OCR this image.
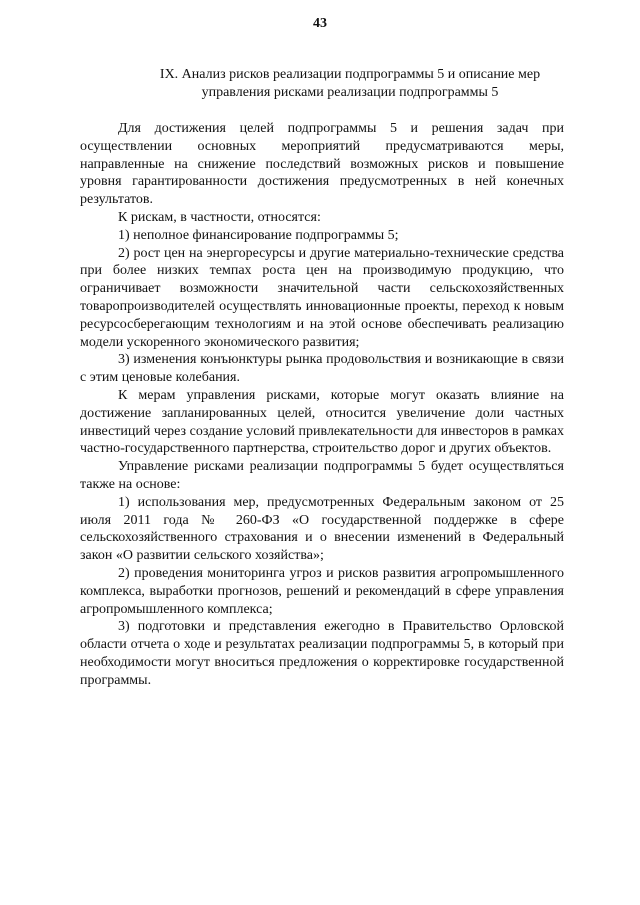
43
IX. Анализ рисков реализации подпрограммы 5 и описание мер
управления рисками реализации подпрограммы 5

Для достижения целей подпрограммы 5 и решения задач при осуществлении основных мероприятий предусматриваются меры, направленные на снижение последствий возможных рисков и повышение уровня гарантированности достижения предусмотренных в ней конечных результатов.

К рискам, в частности, относятся:

1) неполное финансирование подпрограммы 5;

2) рост цен на энергоресурсы и другие материально-технические средства при более низких темпах роста цен на производимую продукцию, что ограничивает возможности значительной части сельскохозяйственных товаропроизводителей осуществлять инновационные проекты, переход к новым ресурсосберегающим технологиям и на этой основе обеспечивать реализацию модели ускоренного экономического развития;

3) изменения конъюнктуры рынка продовольствия и возникающие в связи с этим ценовые колебания.

К мерам управления рисками, которые могут оказать влияние на достижение запланированных целей, относится увеличение доли частных инвестиций через создание условий привлекательности для инвесторов в рамках частно-государственного партнерства, строительство дорог и других объектов.

Управление рисками реализации подпрограммы 5 будет осуществляться также на основе:

1) использования мер, предусмотренных Федеральным законом от 25 июля 2011 года № 260-ФЗ «О государственной поддержке в сфере сельскохозяйственного страхования и о внесении изменений в Федеральный закон «О развитии сельского хозяйства»;

2) проведения мониторинга угроз и рисков развития агропромышленного комплекса, выработки прогнозов, решений и рекомендаций в сфере управления агропромышленного комплекса;

3) подготовки и представления ежегодно в Правительство Орловской области отчета о ходе и результатах реализации подпрограммы 5, в который при необходимости могут вноситься предложения о корректировке государственной программы.
